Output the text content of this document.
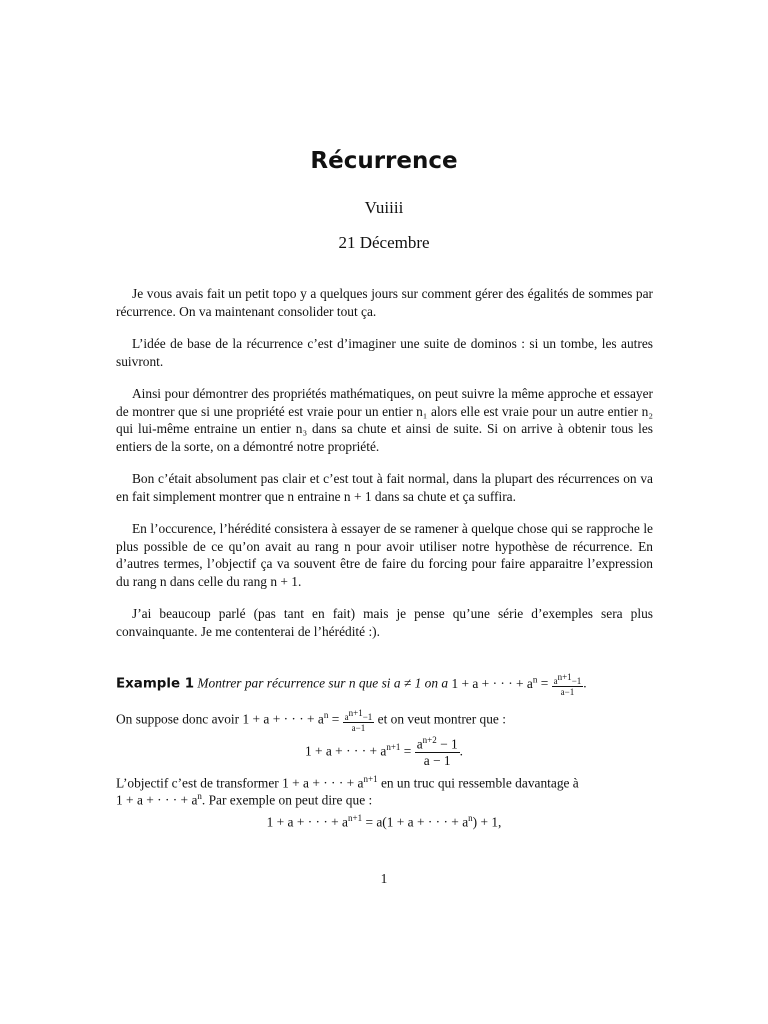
Récurrence
Vuiiii
21 Décembre

Je vous avais fait un petit topo y a quelques jours sur comment gérer des égalités de sommes par récurrence. On va maintenant consolider tout ça.

L’idée de base de la récurrence c’est d’imaginer une suite de dominos : si un tombe, les autres suivront.

Ainsi pour démontrer des propriétés mathématiques, on peut suivre la même approche et essayer de montrer que si une propriété est vraie pour un entier n₁ alors elle est vraie pour un autre entier n₂ qui lui-même entraine un entier n₃ dans sa chute et ainsi de suite. Si on arrive à obtenir tous les entiers de la sorte, on a démontré notre propriété.

Bon c’était absolument pas clair et c’est tout à fait normal, dans la plupart des récurrences on va en fait simplement montrer que n entraine n + 1 dans sa chute et ça suffira.

En l’occurence, l’hérédité consistera à essayer de se ramener à quelque chose qui se rapproche le plus possible de ce qu’on avait au rang n pour avoir utiliser notre hypothèse de récurrence. En d’autres termes, l’objectif ça va souvent être de faire du forcing pour faire apparaitre l’expression du rang n dans celle du rang n + 1.

J’ai beaucoup parlé (pas tant en fait) mais je pense qu’une série d’exemples sera plus convainquante. Je me contenterai de l’hérédité :).

Example 1 Montrer par récurrence sur n que si a ≠ 1 on a 1 + a + · · · + $a^n = \frac{a^{n+1}-1}{a-1}$ .
On suppose donc avoir 1 + a + · · · + $a^n = \frac{a^{n+1}-1}{a-1}$ et on veut montrer que :
1 + a + · · · + $a^{n+1} = \frac{a^{n+2} - 1}{a - 1}$ .
L’objectif c’est de transformer 1 + a + · · · + $a^{n+1}$ en un truc qui ressemble davantage à
1 + a + · · · + $a^n$. Par exemple on peut dire que :
1 + a + · · · + $a^{n+1} = a(1 + a$ + · · · + $a^n) + 1$,
1
